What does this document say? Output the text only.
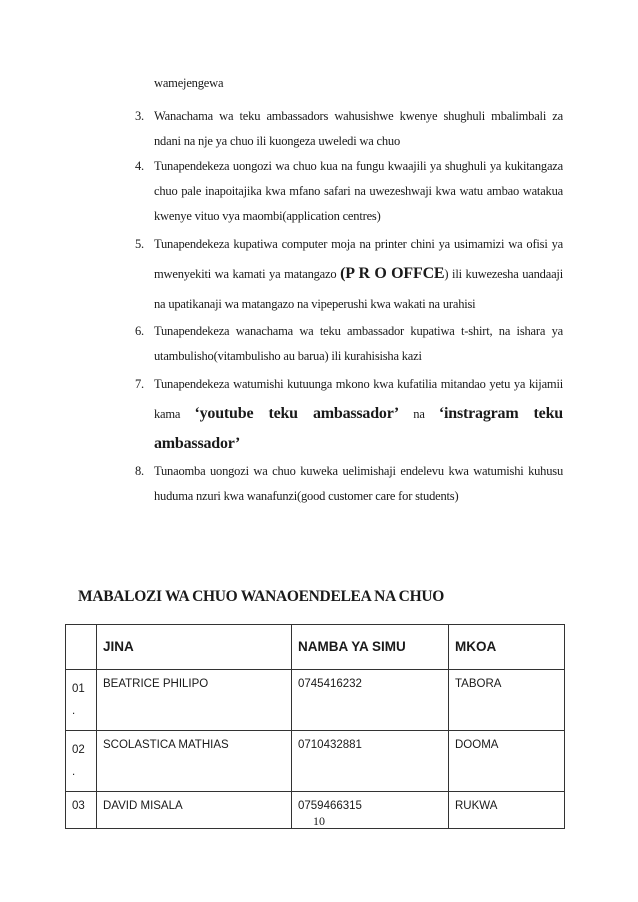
wamejengewa
3. Wanachama wa teku ambassadors wahusishwe kwenye shughuli mbalimbali za ndani na nje ya chuo ili kuongeza uweledi wa chuo
4. Tunapendekeza uongozi wa chuo kua na fungu kwaajili ya shughuli ya kukitangaza chuo pale inapoitajika kwa mfano safari na uwezeshwaji kwa watu ambao watakua kwenye vituo vya maombi(application centres)
5. Tunapendekeza kupatiwa computer moja na printer chini ya usimamizi wa ofisi ya mwenyekiti wa kamati ya matangazo (P R O OFFCE) ili kuwezesha uandaaji na upatikanaji wa matangazo na vipeperushi kwa wakati na urahisi
6. Tunapendekeza wanachama wa teku ambassador kupatiwa t-shirt, na ishara ya utambulisho(vitambulisho au barua) ili kurahisisha kazi
7. Tunapendekeza watumishi kutuunga mkono kwa kufatilia mitandao yetu ya kijamii kama ‘youtube teku ambassador’ na ‘instragram teku ambassador’
8. Tunaomba uongozi wa chuo kuweka uelimishaji endelevu kwa watumishi kuhusu huduma nzuri kwa wanafunzi(good customer care for students)
MABALOZI WA CHUO WANAOENDELEA NA CHUO
	JINA	NAMBA YA SIMU	MKOA
01
.	BEATRICE PHILIPO	0745416232	TABORA
02
.	SCOLASTICA MATHIAS	0710432881	DOOMA
03	DAVID MISALA	0759466315	RUKWA
10
